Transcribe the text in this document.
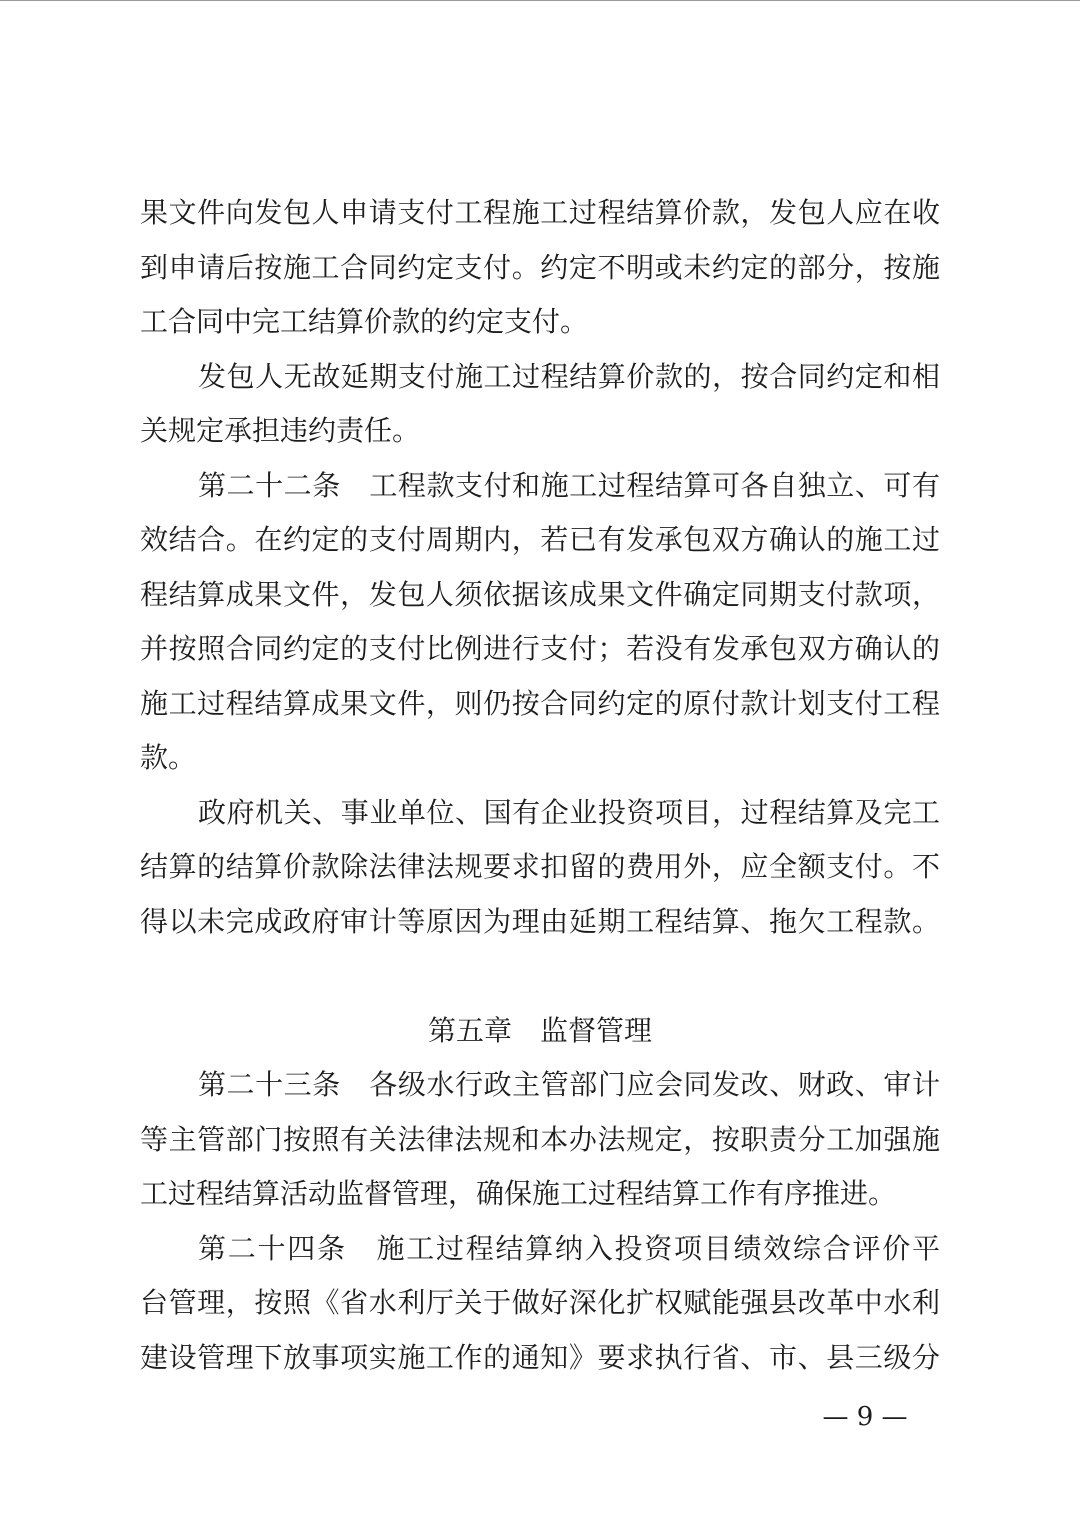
果文件向发包人申请支付工程施工过程结算价款，发包人应在收
到申请后按施工合同约定支付。约定不明或未约定的部分，按施
工合同中完工结算价款的约定支付。
发包人无故延期支付施工过程结算价款的，按合同约定和相
关规定承担违约责任。
第二十二条　工程款支付和施工过程结算可各自独立、可有
效结合。在约定的支付周期内，若已有发承包双方确认的施工过
程结算成果文件，发包人须依据该成果文件确定同期支付款项，
并按照合同约定的支付比例进行支付；若没有发承包双方确认的
施工过程结算成果文件，则仍按合同约定的原付款计划支付工程
款。
政府机关、事业单位、国有企业投资项目，过程结算及完工
结算的结算价款除法律法规要求扣留的费用外，应全额支付。不
得以未完成政府审计等原因为理由延期工程结算、拖欠工程款。
第五章　监督管理
第二十三条　各级水行政主管部门应会同发改、财政、审计
等主管部门按照有关法律法规和本办法规定，按职责分工加强施
工过程结算活动监督管理，确保施工过程结算工作有序推进。
第二十四条　施工过程结算纳入投资项目绩效综合评价平
台管理，按照《省水利厅关于做好深化扩权赋能强县改革中水利
建设管理下放事项实施工作的通知》要求执行省、市、县三级分
— 9 —
